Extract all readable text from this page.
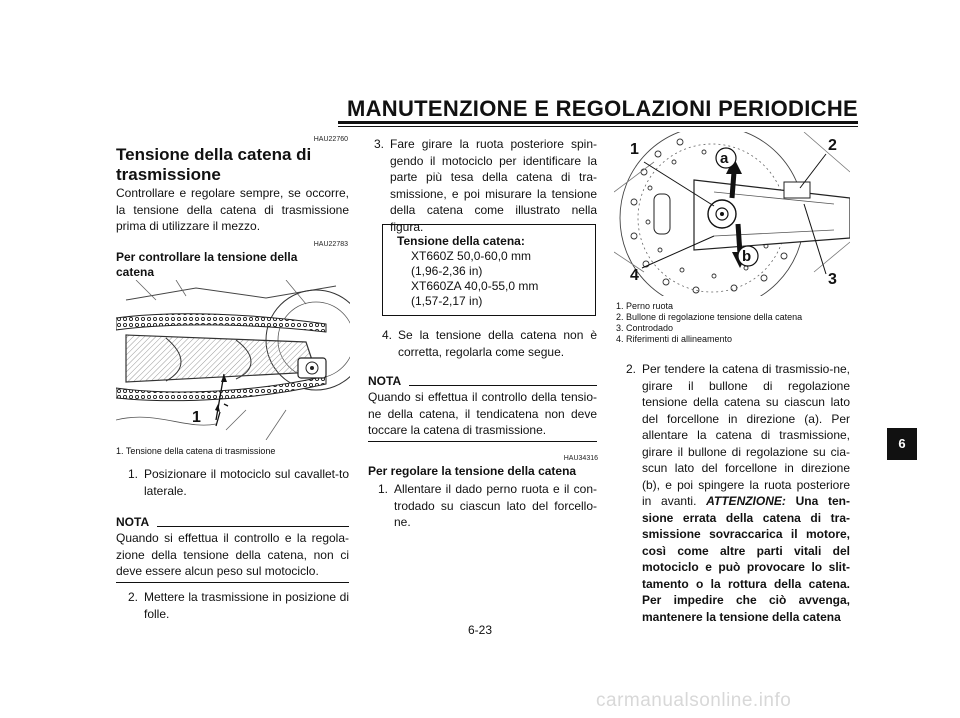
MANUTENZIONE E REGOLAZIONI PERIODICHE
HAU22760
Tensione della catena di trasmissione
Controllare e regolare sempre, se occorre, la tensione della catena di trasmissione prima di utilizzare il mezzo.
HAU22783
Per controllare la tensione della catena
1
1. Tensione della catena di trasmissione
1. Posizionare il motociclo sul cavallet-to laterale.
NOTA
Quando si effettua il controllo e la regola-zione della tensione della catena, non ci deve essere alcun peso sul motociclo.
2. Mettere la trasmissione in posizione di folle.
3. Fare girare la ruota posteriore spin-gendo il motociclo per identificare la parte più tesa della catena di tra-smissione, e poi misurare la tensione della catena come illustrato nella figura.
Tensione della catena:
XT660Z 50,0-60,0 mm
(1,96-2,36 in)
XT660ZA 40,0-55,0 mm
(1,57-2,17 in)
4. Se la tensione della catena non è corretta, regolarla come segue.
NOTA
Quando si effettua il controllo della tensio-ne della catena, il tendicatena non deve toccare la catena di trasmissione.
HAU34316
Per regolare la tensione della catena
1. Allentare il dado perno ruota e il con-trodado su ciascun lato del forcello-ne.
1	2
3
4
a
b
1. Perno ruota
2. Bullone di regolazione tensione della catena
3. Controdado
4. Riferimenti di allineamento
2. Per tendere la catena di trasmissio-ne, girare il bullone di regolazione tensione della catena su ciascun lato del forcellone in direzione (a). Per allentare la catena di trasmissione, girare il bullone di regolazione su cia-scun lato del forcellone in direzione (b), e poi spingere la ruota posteriore in avanti. ATTENZIONE: Una ten-sione errata della catena di tra-smissione sovraccarica il motore, così come altre parti vitali del motociclo e può provocare lo slit-tamento o la rottura della catena. Per impedire che ciò avvenga, mantenere la tensione della catena
6
6-23
carmanualsonline.info
